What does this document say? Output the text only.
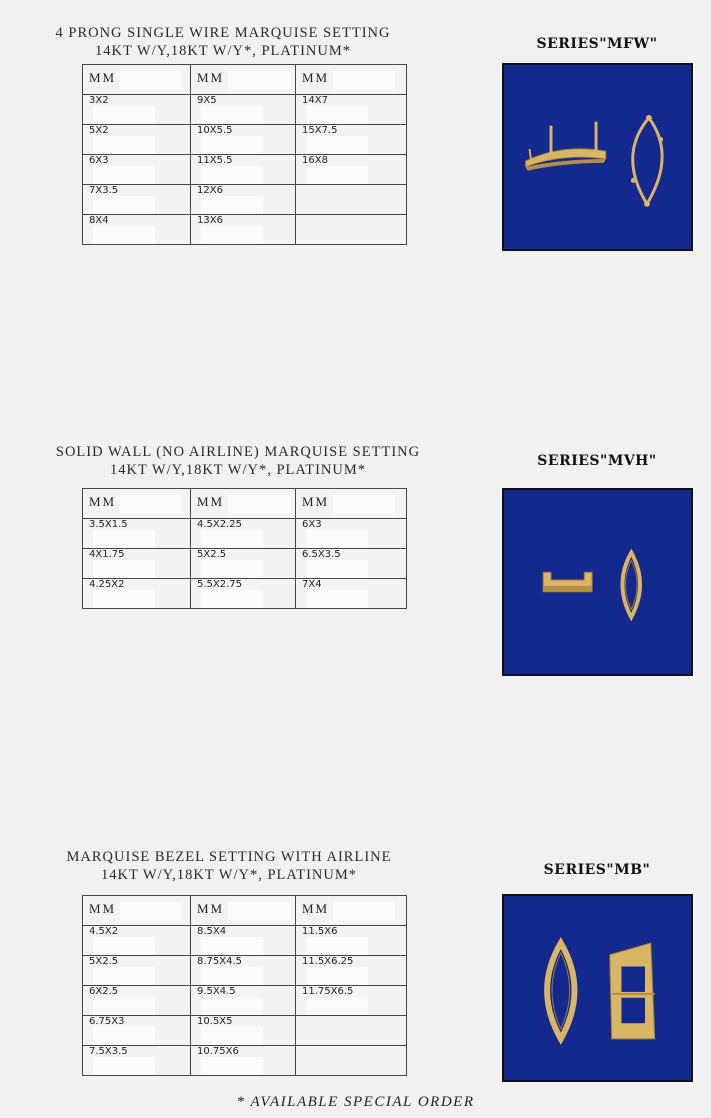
4 PRONG SINGLE WIRE MARQUISE SETTING
14KT W/Y,18KT W/Y*, PLATINUM*	SERIES"MFW"
MM	MM	MM
3X2	9X5	14X7
5X2	10X5.5	15X7.5
6X3	11X5.5	16X8
7X3.5	12X6	
8X4	13X6	
SOLID WALL (NO AIRLINE) MARQUISE SETTING
14KT W/Y,18KT W/Y*, PLATINUM*
SERIES"MVH"
MM	MM	MM
3.5X1.5	4.5X2.25	6X3
4X1.75	5X2.5	6.5X3.5
4.25X2	5.5X2.75	7X4
MARQUISE BEZEL SETTING WITH AIRLINE
14KT W/Y,18KT W/Y*, PLATINUM*	SERIES"MB"
MM	MM	MM
4.5X2	8.5X4	11.5X6
5X2.5	8.75X4.5	11.5X6.25
6X2.5	9.5X4.5	11.75X6.5
6.75X3	10.5X5	
7.5X3.5	10.75X6	
* AVAILABLE SPECIAL ORDER
